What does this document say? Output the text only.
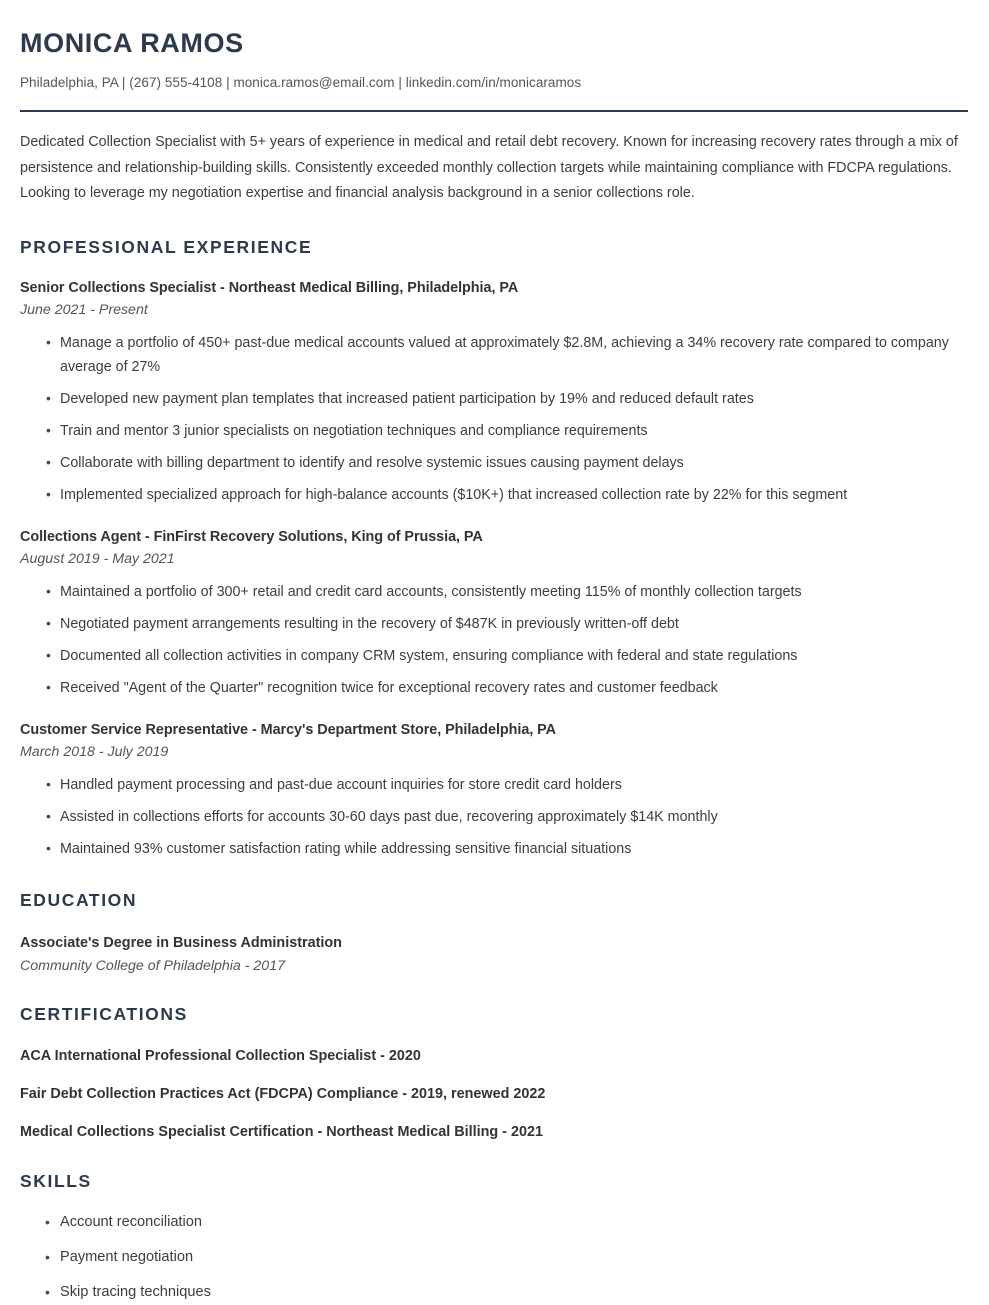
MONICA RAMOS
Philadelphia, PA | (267) 555-4108 | monica.ramos@email.com | linkedin.com/in/monicaramos

Dedicated Collection Specialist with 5+ years of experience in medical and retail debt recovery. Known for increasing recovery rates through a mix of persistence and relationship-building skills. Consistently exceeded monthly collection targets while maintaining compliance with FDCPA regulations. Looking to leverage my negotiation expertise and financial analysis background in a senior collections role.

PROFESSIONAL EXPERIENCE
Senior Collections Specialist - Northeast Medical Billing, Philadelphia, PA
June 2021 - Present
• Manage a portfolio of 450+ past-due medical accounts valued at approximately $2.8M, achieving a 34% recovery rate compared to company average of 27%
• Developed new payment plan templates that increased patient participation by 19% and reduced default rates
• Train and mentor 3 junior specialists on negotiation techniques and compliance requirements
• Collaborate with billing department to identify and resolve systemic issues causing payment delays
• Implemented specialized approach for high-balance accounts ($10K+) that increased collection rate by 22% for this segment
Collections Agent - FinFirst Recovery Solutions, King of Prussia, PA
August 2019 - May 2021
• Maintained a portfolio of 300+ retail and credit card accounts, consistently meeting 115% of monthly collection targets
• Negotiated payment arrangements resulting in the recovery of $487K in previously written-off debt
• Documented all collection activities in company CRM system, ensuring compliance with federal and state regulations
• Received "Agent of the Quarter" recognition twice for exceptional recovery rates and customer feedback
Customer Service Representative - Marcy's Department Store, Philadelphia, PA
March 2018 - July 2019
• Handled payment processing and past-due account inquiries for store credit card holders
• Assisted in collections efforts for accounts 30-60 days past due, recovering approximately $14K monthly
• Maintained 93% customer satisfaction rating while addressing sensitive financial situations
EDUCATION
Associate's Degree in Business Administration
Community College of Philadelphia - 2017
CERTIFICATIONS
ACA International Professional Collection Specialist - 2020
Fair Debt Collection Practices Act (FDCPA) Compliance - 2019, renewed 2022
Medical Collections Specialist Certification - Northeast Medical Billing - 2021
SKILLS
• Account reconciliation
• Payment negotiation
• Skip tracing techniques
